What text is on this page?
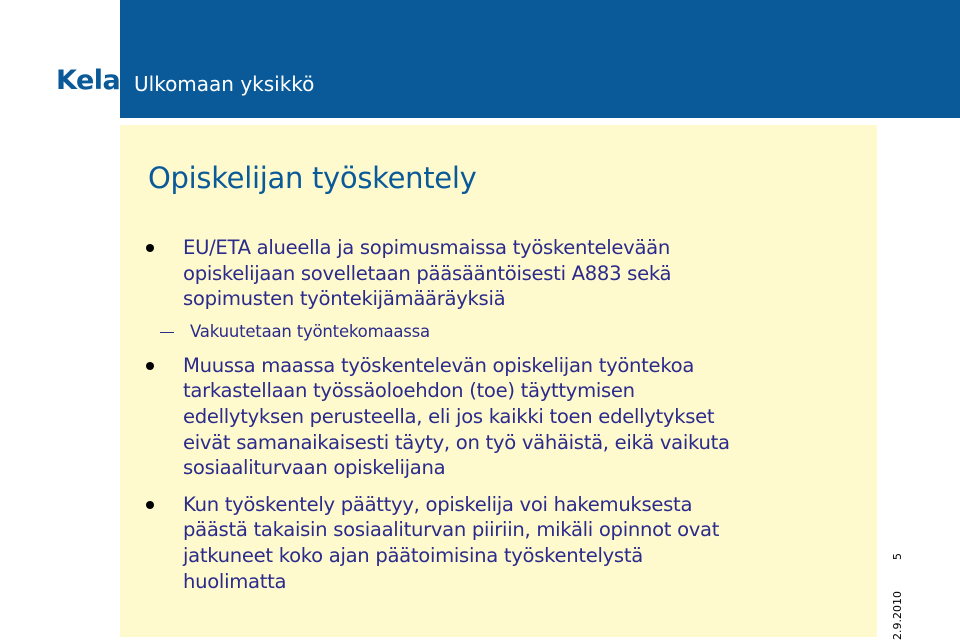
Kela Ulkomaan yksikkö
Opiskelijan työskentely
EU/ETA alueella ja sopimusmaissa työskentelevään
opiskelijaan sovelletaan pääsääntöisesti A883 sekä
sopimusten työntekijämääräyksiä
Vakuutetaan työntekomaassa
Muussa maassa työskentelevän opiskelijan työntekoa
tarkastellaan työssäoloehdon (toe) täyttymisen
edellytyksen perusteella, eli jos kaikki toen edellytykset
eivät samanaikaisesti täyty, on työ vähäistä, eikä vaikuta
sosiaaliturvaan opiskelijana
Kun työskentely päättyy, opiskelija voi hakemuksesta
päästä takaisin sosiaaliturvan piiriin, mikäli opinnot ovat
jatkuneet koko ajan päätoimisina työskentelystä
huolimatta
5
2.9.2010
